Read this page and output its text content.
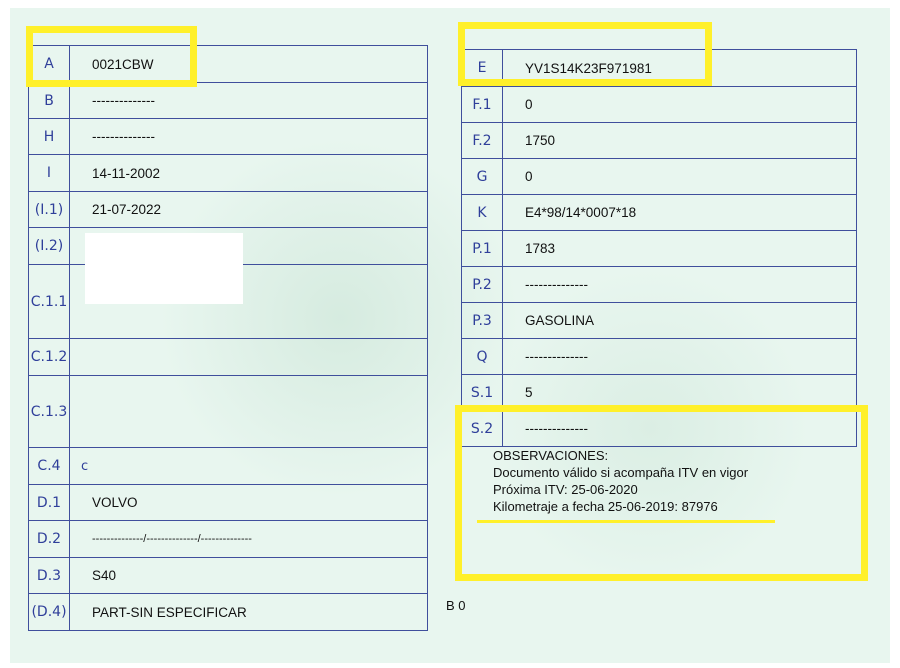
A	0021CBW
B	--------------
H	--------------
I	14-11-2002
(I.1)	21-07-2022
(I.2)
C.1.1
C.1.2
C.1.3
C.4	c
D.1	VOLVO
D.2	--------------/--------------/--------------
D.3	S40
(D.4) PART-SIN ESPECIFICAR
E	YV1S14K23F971981
F.1	0
F.2	1750
G	0
K	E4*98/14*0007*18
P.1	1783
P.2	--------------
P.3	GASOLINA
Q	--------------
S.1	5
S.2	--------------
OBSERVACIONES:
Documento válido si acompaña ITV en vigor
Próxima ITV: 25-06-2020
Kilometraje a fecha 25-06-2019: 87976
B 0
